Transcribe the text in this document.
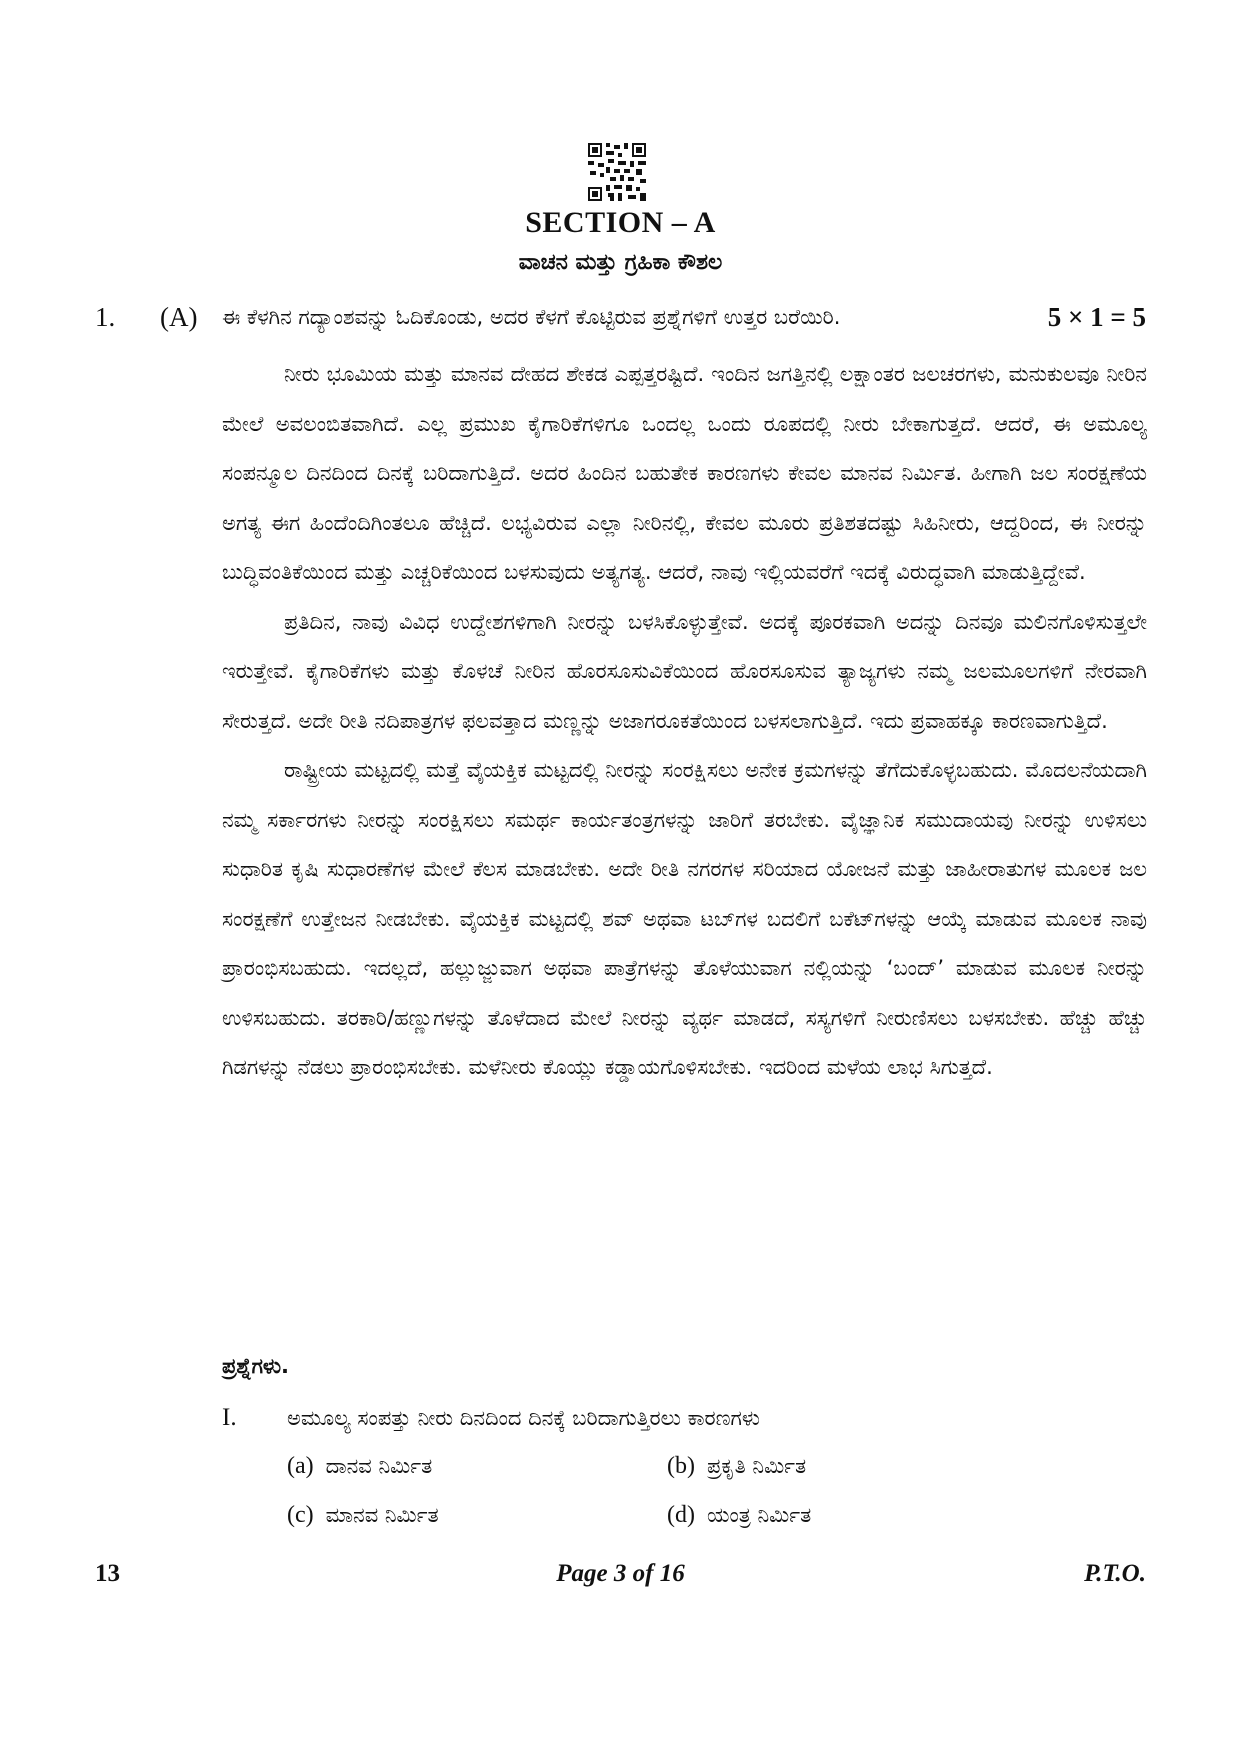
SECTION – A
ವಾಚನ ಮತ್ತು ಗ್ರಹಿಕಾ ಕೌಶಲ
1. (A) ಈ ಕೆಳಗಿನ ಗದ್ಯಾಂಶವನ್ನು ಓದಿಕೊಂಡು, ಅದರ ಕೆಳಗೆ ಕೊಟ್ಟಿರುವ ಪ್ರಶ್ನೆಗಳಿಗೆ ಉತ್ತರ ಬರೆಯಿರಿ.	5 × 1 = 5

ನೀರು ಭೂಮಿಯ ಮತ್ತು ಮಾನವ ದೇಹದ ಶೇಕಡ ಎಪ್ಪತ್ತರಷ್ಟಿದೆ. ಇಂದಿನ ಜಗತ್ತಿನಲ್ಲಿ ಲಕ್ಷಾಂತರ ಜಲಚರಗಳು, ಮನುಕುಲವೂ ನೀರಿನ ಮೇಲೆ ಅವಲಂಬಿತವಾಗಿದೆ. ಎಲ್ಲ ಪ್ರಮುಖ ಕೈಗಾರಿಕೆಗಳಿಗೂ ಒಂದಲ್ಲ ಒಂದು ರೂಪದಲ್ಲಿ ನೀರು ಬೇಕಾಗುತ್ತದೆ. ಆದರೆ, ಈ ಅಮೂಲ್ಯ ಸಂಪನ್ಮೂಲ ದಿನದಿಂದ ದಿನಕ್ಕೆ ಬರಿದಾಗುತ್ತಿದೆ. ಅದರ ಹಿಂದಿನ ಬಹುತೇಕ ಕಾರಣಗಳು ಕೇವಲ ಮಾನವ ನಿರ್ಮಿತ. ಹೀಗಾಗಿ ಜಲ ಸಂರಕ್ಷಣೆಯ ಅಗತ್ಯ ಈಗ ಹಿಂದೆಂದಿಗಿಂತಲೂ ಹೆಚ್ಚಿದೆ. ಲಭ್ಯವಿರುವ ಎಲ್ಲಾ ನೀರಿನಲ್ಲಿ, ಕೇವಲ ಮೂರು ಪ್ರತಿಶತದಷ್ಟು ಸಿಹಿನೀರು, ಆದ್ದರಿಂದ, ಈ ನೀರನ್ನು ಬುದ್ಧಿವಂತಿಕೆಯಿಂದ ಮತ್ತು ಎಚ್ಚರಿಕೆಯಿಂದ ಬಳಸುವುದು ಅತ್ಯಗತ್ಯ. ಆದರೆ, ನಾವು ಇಲ್ಲಿಯವರೆಗೆ ಇದಕ್ಕೆ ವಿರುದ್ಧವಾಗಿ ಮಾಡುತ್ತಿದ್ದೇವೆ.

ಪ್ರತಿದಿನ, ನಾವು ವಿವಿಧ ಉದ್ದೇಶಗಳಿಗಾಗಿ ನೀರನ್ನು ಬಳಸಿಕೊಳ್ಳುತ್ತೇವೆ. ಅದಕ್ಕೆ ಪೂರಕವಾಗಿ ಅದನ್ನು ದಿನವೂ ಮಲಿನಗೊಳಿಸುತ್ತಲೇ ಇರುತ್ತೇವೆ. ಕೈಗಾರಿಕೆಗಳು ಮತ್ತು ಕೊಳಚೆ ನೀರಿನ ಹೊರಸೂಸುವಿಕೆಯಿಂದ ಹೊರಸೂಸುವ ತ್ಯಾಜ್ಯಗಳು ನಮ್ಮ ಜಲಮೂಲಗಳಿಗೆ ನೇರವಾಗಿ ಸೇರುತ್ತದೆ. ಅದೇ ರೀತಿ ನದಿಪಾತ್ರಗಳ ಫಲವತ್ತಾದ ಮಣ್ಣನ್ನು ಅಜಾಗರೂಕತೆಯಿಂದ ಬಳಸಲಾಗುತ್ತಿದೆ. ಇದು ಪ್ರವಾಹಕ್ಕೂ ಕಾರಣವಾಗುತ್ತಿದೆ.

ರಾಷ್ಟ್ರೀಯ ಮಟ್ಟದಲ್ಲಿ ಮತ್ತೆ ವೈಯಕ್ತಿಕ ಮಟ್ಟದಲ್ಲಿ ನೀರನ್ನು ಸಂರಕ್ಷಿಸಲು ಅನೇಕ ಕ್ರಮಗಳನ್ನು ತೆಗೆದುಕೊಳ್ಳಬಹುದು. ಮೊದಲನೆಯದಾಗಿ ನಮ್ಮ ಸರ್ಕಾರಗಳು ನೀರನ್ನು ಸಂರಕ್ಷಿಸಲು ಸಮರ್ಥ ಕಾರ್ಯತಂತ್ರಗಳನ್ನು ಜಾರಿಗೆ ತರಬೇಕು. ವೈಜ್ಞಾನಿಕ ಸಮುದಾಯವು ನೀರನ್ನು ಉಳಿಸಲು ಸುಧಾರಿತ ಕೃಷಿ ಸುಧಾರಣೆಗಳ ಮೇಲೆ ಕೆಲಸ ಮಾಡಬೇಕು. ಅದೇ ರೀತಿ ನಗರಗಳ ಸರಿಯಾದ ಯೋಜನೆ ಮತ್ತು ಜಾಹೀರಾತುಗಳ ಮೂಲಕ ಜಲ ಸಂರಕ್ಷಣೆಗೆ ಉತ್ತೇಜನ ನೀಡಬೇಕು. ವೈಯಕ್ತಿಕ ಮಟ್ಟದಲ್ಲಿ ಶವ್ ಅಥವಾ ಟಬ್‌ಗಳ ಬದಲಿಗೆ ಬಕೆಟ್‌ಗಳನ್ನು ಆಯ್ಕೆ ಮಾಡುವ ಮೂಲಕ ನಾವು ಪ್ರಾರಂಭಿಸಬಹುದು. ಇದಲ್ಲದೆ, ಹಲ್ಲುಜ್ಜುವಾಗ ಅಥವಾ ಪಾತ್ರೆಗಳನ್ನು ತೊಳೆಯುವಾಗ ನಲ್ಲಿಯನ್ನು ‘ಬಂದ್’ ಮಾಡುವ ಮೂಲಕ ನೀರನ್ನು ಉಳಿಸಬಹುದು. ತರಕಾರಿ/ಹಣ್ಣುಗಳನ್ನು ತೊಳೆದಾದ ಮೇಲೆ ನೀರನ್ನು ವ್ಯರ್ಥ ಮಾಡದೆ, ಸಸ್ಯಗಳಿಗೆ ನೀರುಣಿಸಲು ಬಳಸಬೇಕು. ಹೆಚ್ಚು ಹೆಚ್ಚು ಗಿಡಗಳನ್ನು ನೆಡಲು ಪ್ರಾರಂಭಿಸಬೇಕು. ಮಳೆನೀರು ಕೊಯ್ಲು ಕಡ್ಡಾಯಗೊಳಿಸಬೇಕು. ಇದರಿಂದ ಮಳೆಯ ಲಾಭ ಸಿಗುತ್ತದೆ.

ಪ್ರಶ್ನೆಗಳು.
I. ಅಮೂಲ್ಯ ಸಂಪತ್ತು ನೀರು ದಿನದಿಂದ ದಿನಕ್ಕೆ ಬರಿದಾಗುತ್ತಿರಲು ಕಾರಣಗಳು
(a) ದಾನವ ನಿರ್ಮಿತ	(b) ಪ್ರಕೃತಿ ನಿರ್ಮಿತ
(c) ಮಾನವ ನಿರ್ಮಿತ	(d) ಯಂತ್ರ ನಿರ್ಮಿತ
13	Page 3 of 16	P.T.O.
